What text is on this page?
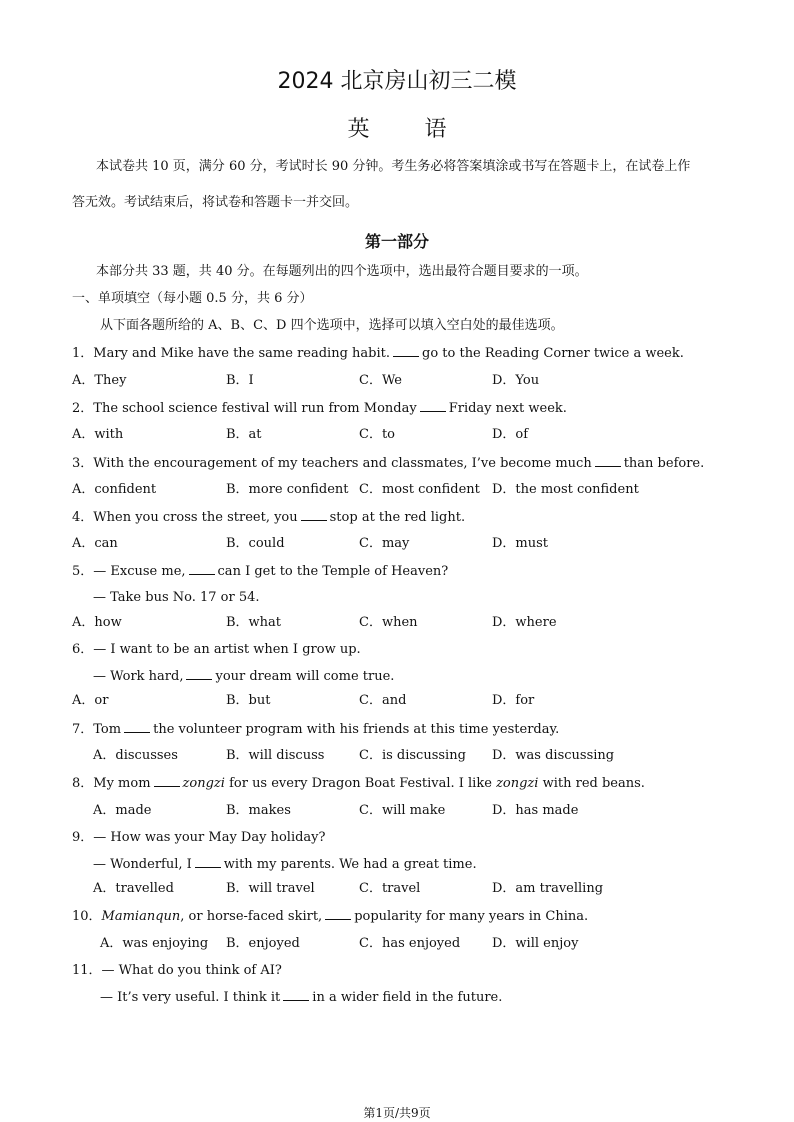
2024 北京房山初三二模
英 语
本试卷共 10 页，满分 60 分，考试时长 90 分钟。考生务必将答案填涂或书写在答题卡上，在试卷上作
答无效。考试结束后，将试卷和答题卡一并交回。
第一部分
本部分共 33 题，共 40 分。在每题列出的四个选项中，选出最符合题目要求的一项。
一、单项填空（每小题 0.5 分，共 6 分）
从下面各题所给的 A、B、C、D 四个选项中，选择可以填入空白处的最佳选项。
1．Mary and Mike have the same reading habit. go to the Reading Corner twice a week.
A．They	B．I	C．We	D．You
2．The school science festival will run from Monday Friday next week.
A．with	B．at	C．to	D．of
3．With the encouragement of my teachers and classmates, I’ve become much than before.
A．confident	B．more confident C．most confident D．the most confident
4．When you cross the street, you stop at the red light.
A．can	B．could	C．may	D．must
5．— Excuse me, can I get to the Temple of Heaven?
— Take bus No. 17 or 54.
A．how	B．what	C．when	D．where
6．— I want to be an artist when I grow up.
— Work hard, your dream will come true.
A．or	B．but	C．and	D．for
7．Tom the volunteer program with his friends at this time yesterday.
A．discusses	B．will discuss	C．is discussing D．was discussing
8．My mom zongzi for us every Dragon Boat Festival. I like zongzi with red beans.
A．made	B．makes	C．will make	D．has made
9．— How was your May Day holiday?
— Wonderful, I with my parents. We had a great time.
A．travelled	B．will travel	C．travel	D．am travelling
10．Mamianqun, or horse-faced skirt, popularity for many years in China.
A．was enjoying B．enjoyed	C．has enjoyed D．will enjoy
11．— What do you think of AI?
— It’s very useful. I think it in a wider field in the future.
第1页/共9页
